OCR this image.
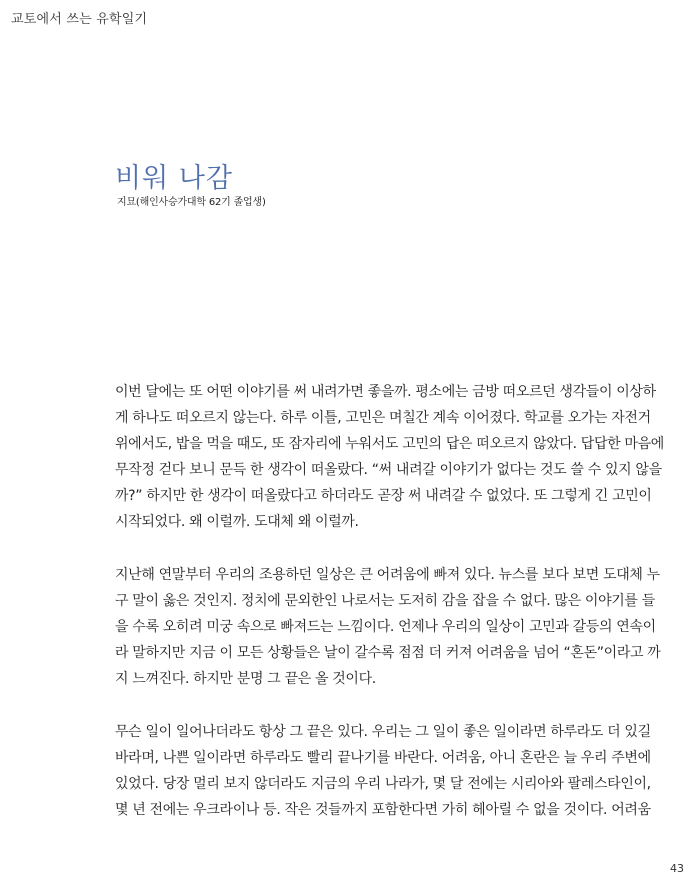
교토에서 쓰는 유학일기
비워 나감
지묘(해인사승가대학 62기 졸업생)
이번 달에는 또 어떤 이야기를 써 내려가면 좋을까. 평소에는 금방 떠오르던 생각들이 이상하
게 하나도 떠오르지 않는다. 하루 이틀, 고민은 며칠간 계속 이어졌다. 학교를 오가는 자전거
위에서도, 밥을 먹을 때도, 또 잠자리에 누워서도 고민의 답은 떠오르지 않았다. 답답한 마음에
무작정 걷다 보니 문득 한 생각이 떠올랐다. “써 내려갈 이야기가 없다는 것도 쓸 수 있지 않을
까?” 하지만 한 생각이 떠올랐다고 하더라도 곧장 써 내려갈 수 없었다. 또 그렇게 긴 고민이
시작되었다. 왜 이럴까. 도대체 왜 이럴까.
지난해 연말부터 우리의 조용하던 일상은 큰 어려움에 빠져 있다. 뉴스를 보다 보면 도대체 누
구 말이 옳은 것인지. 정치에 문외한인 나로서는 도저히 감을 잡을 수 없다. 많은 이야기를 들
을 수록 오히려 미궁 속으로 빠져드는 느낌이다. 언제나 우리의 일상이 고민과 갈등의 연속이
라 말하지만 지금 이 모든 상황들은 날이 갈수록 점점 더 커져 어려움을 넘어 “혼돈”이라고 까
지 느껴진다. 하지만 분명 그 끝은 올 것이다.
무슨 일이 일어나더라도 항상 그 끝은 있다. 우리는 그 일이 좋은 일이라면 하루라도 더 있길
바라며, 나쁜 일이라면 하루라도 빨리 끝나기를 바란다. 어려움, 아니 혼란은 늘 우리 주변에
있었다. 당장 멀리 보지 않더라도 지금의 우리 나라가, 몇 달 전에는 시리아와 팔레스타인이,
몇 년 전에는 우크라이나 등. 작은 것들까지 포함한다면 가히 헤아릴 수 없을 것이다. 어려움
43
